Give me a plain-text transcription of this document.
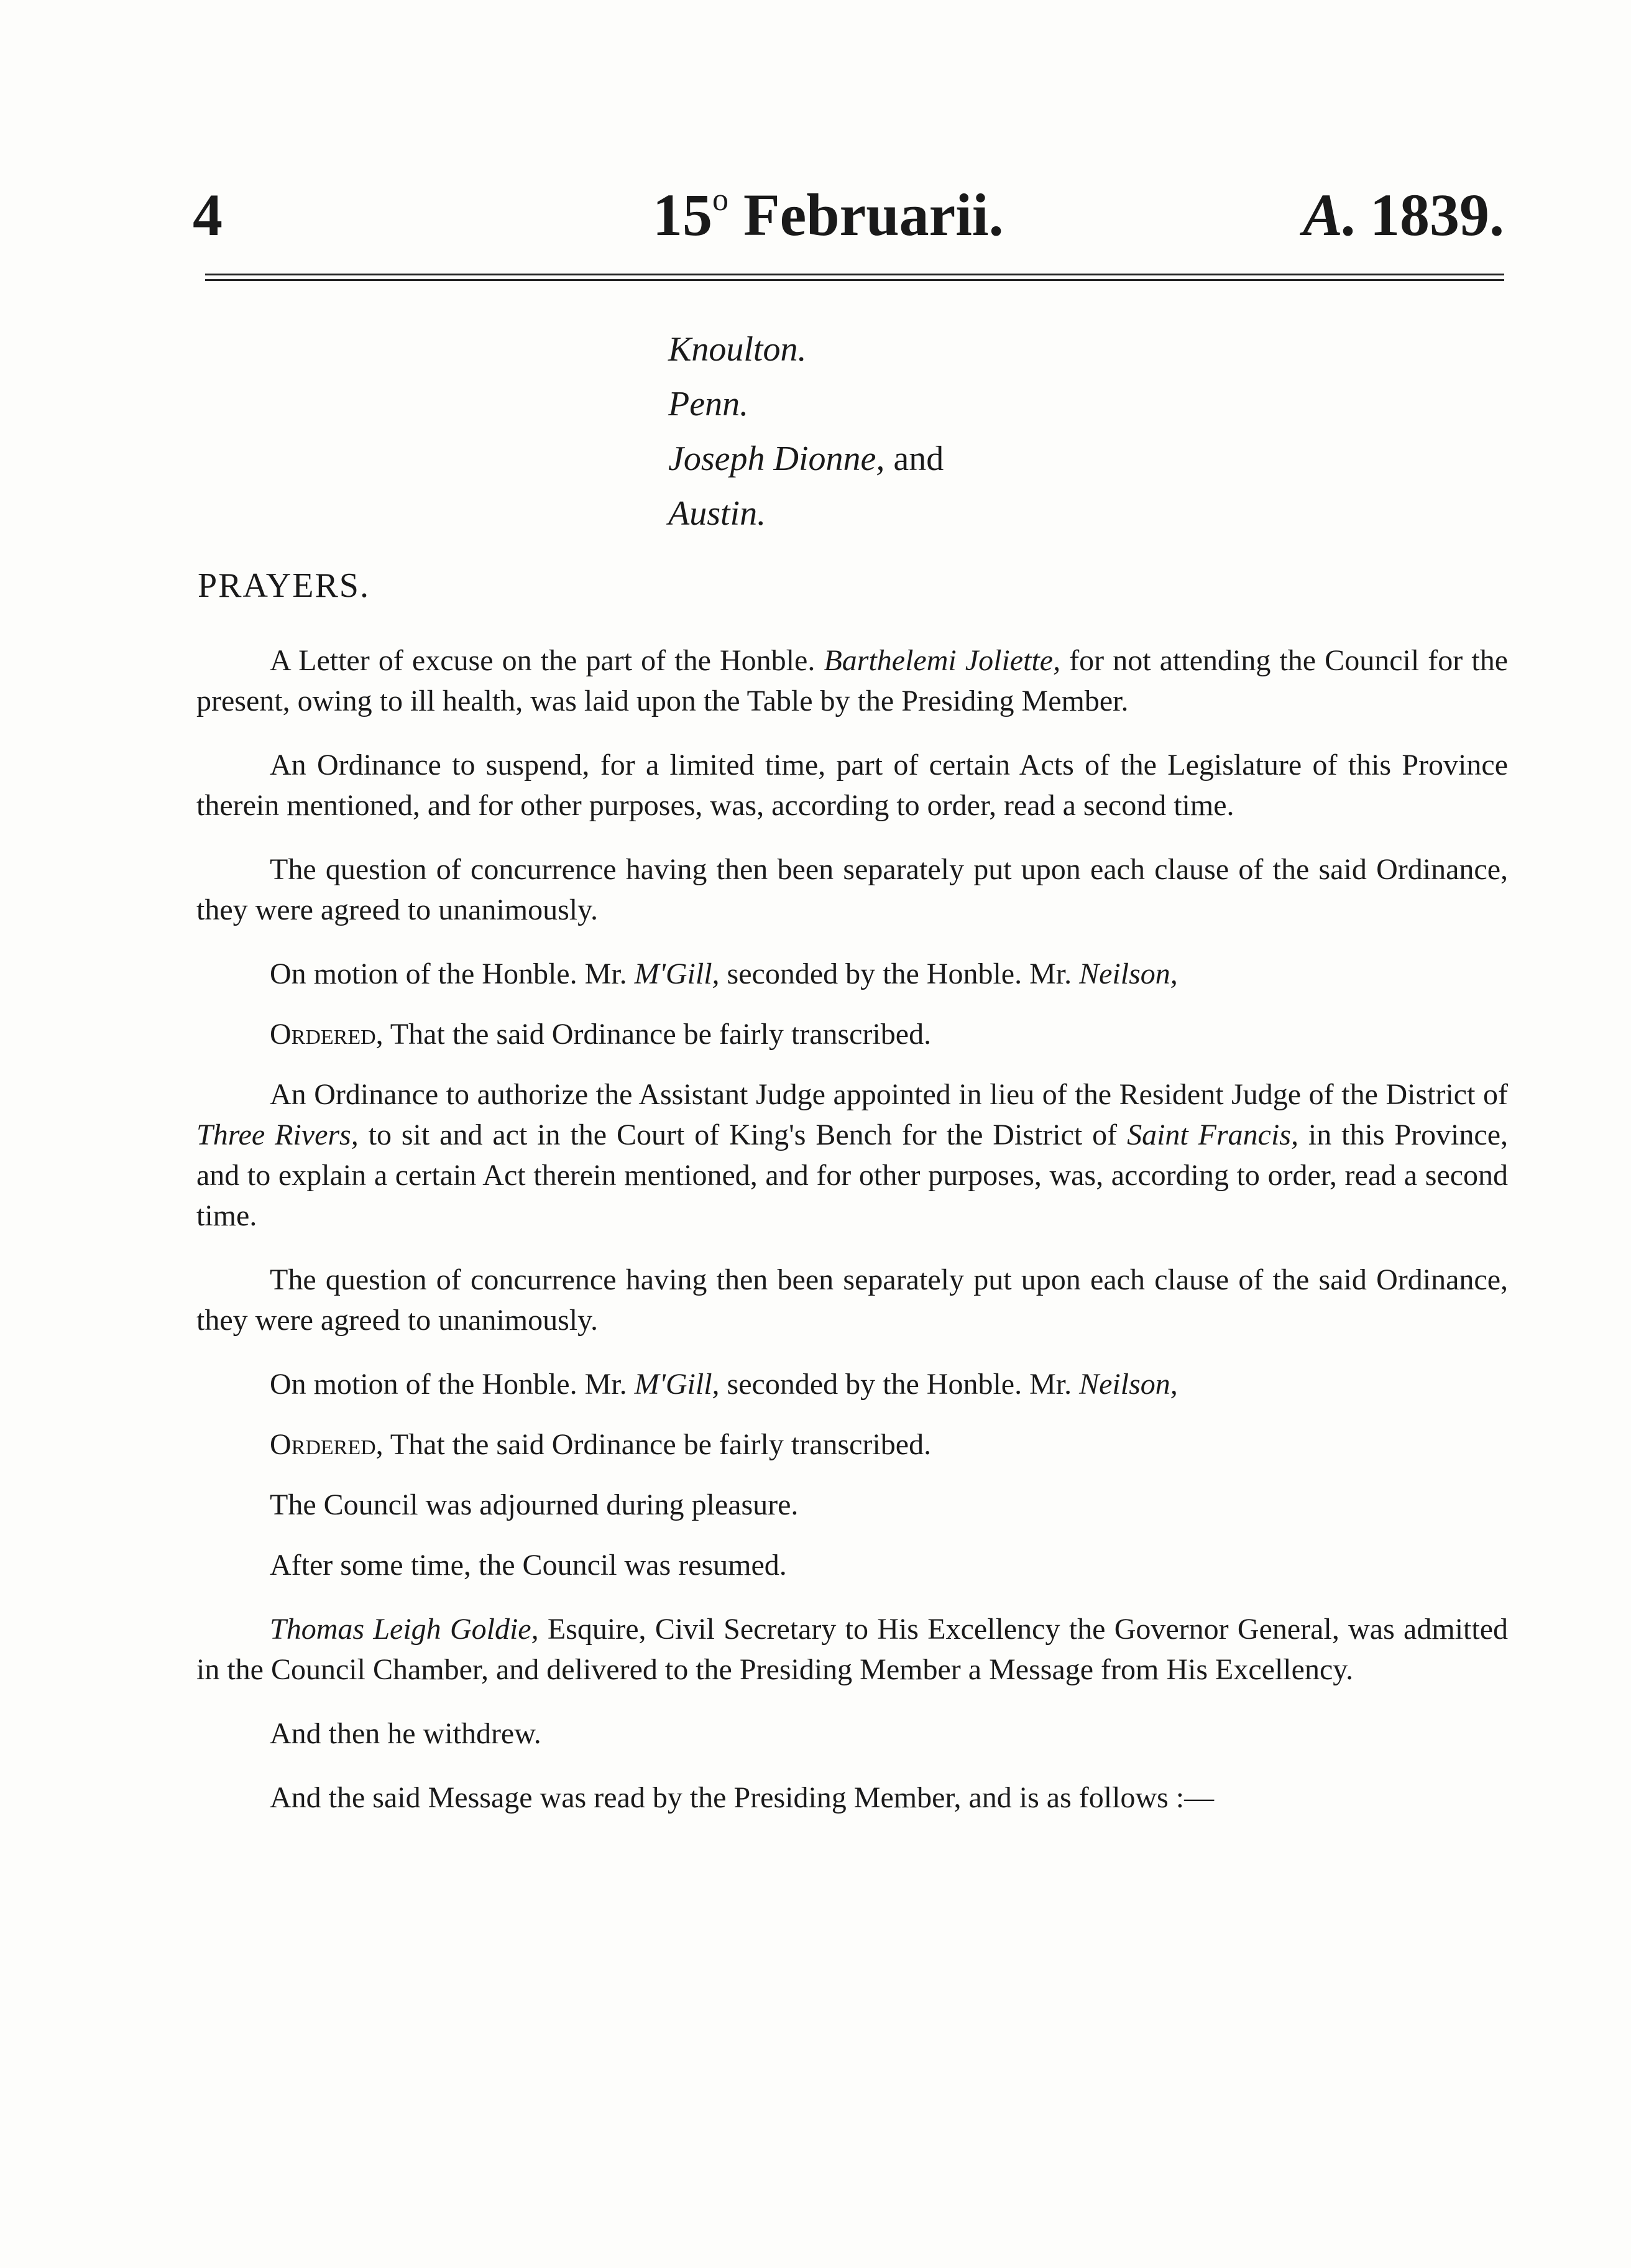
4	15$^o$ Februarii.	A. 1839.
Knoulton.
Penn.
Joseph Dionne, and
Austin.
PRAYERS.

A Letter of excuse on the part of the Honble. Barthelemi Joliette, for not attending the Council for the present, owing to ill health, was laid upon the Table by the Presiding Member.

An Ordinance to suspend, for a limited time, part of certain Acts of the Legislature of this Province therein mentioned, and for other purposes, was, according to order, read a second time.

The question of concurrence having then been separately put upon each clause of the said Ordinance, they were agreed to unanimously.

On motion of the Honble. Mr. M'Gill, seconded by the Honble. Mr. Neilson,

Ordered, That the said Ordinance be fairly transcribed.

An Ordinance to authorize the Assistant Judge appointed in lieu of the Resident Judge of the District of Three Rivers, to sit and act in the Court of King's Bench for the District of Saint Francis, in this Province, and to explain a certain Act therein mentioned, and for other purposes, was, according to order, read a second time.

The question of concurrence having then been separately put upon each clause of the said Ordinance, they were agreed to unanimously.

On motion of the Honble. Mr. M'Gill, seconded by the Honble. Mr. Neilson,

Ordered, That the said Ordinance be fairly transcribed.

The Council was adjourned during pleasure.

After some time, the Council was resumed.

Thomas Leigh Goldie, Esquire, Civil Secretary to His Excellency the Governor General, was admitted in the Council Chamber, and delivered to the Presiding Member a Message from His Excellency.

And then he withdrew.

And the said Message was read by the Presiding Member, and is as follows :—
